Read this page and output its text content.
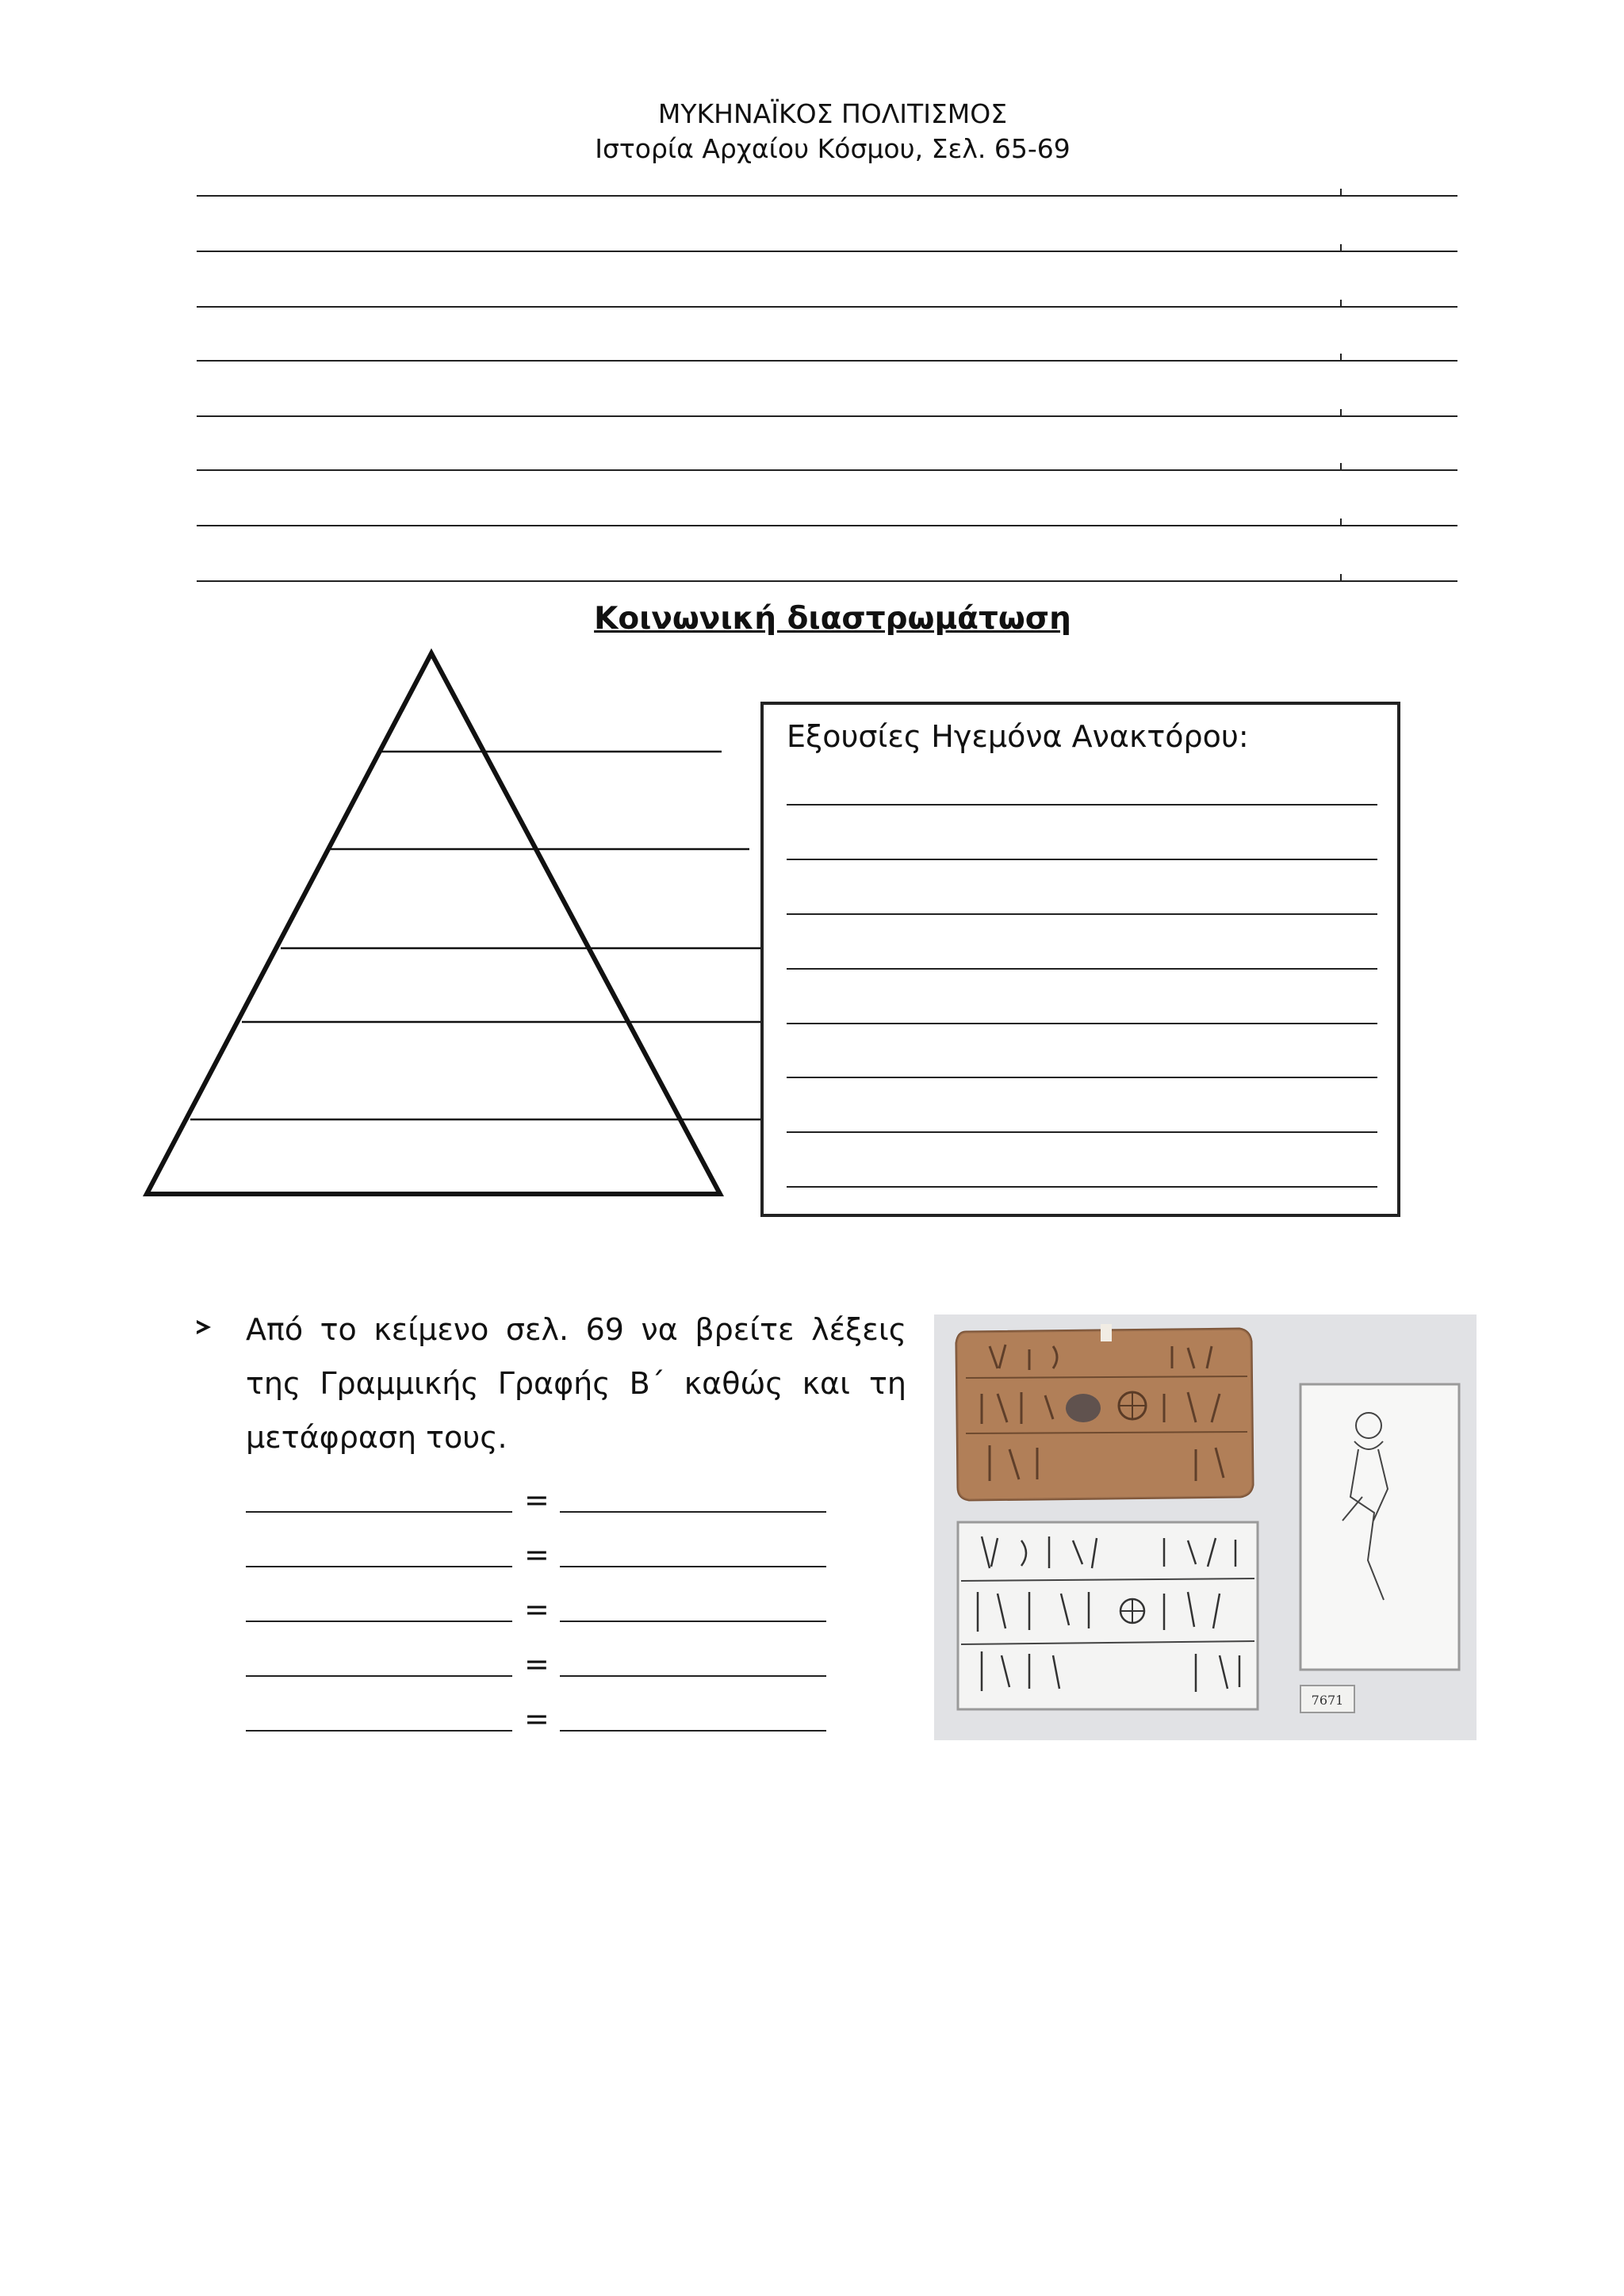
ΜΥΚΗΝΑΪΚΟΣ ΠΟΛΙΤΙΣΜΟΣ
Ιστορία Αρχαίου Κόσμου, Σελ. 65-69
Κοινωνική διαστρωμάτωση
Εξουσίες Ηγεμόνα Ανακτόρου:
Από το κείμενο σελ. 69 να βρείτε λέξεις της Γραμμικής Γραφής Β΄ καθώς και τη μετάφραση τους.
=
=
=
=
=
7671
